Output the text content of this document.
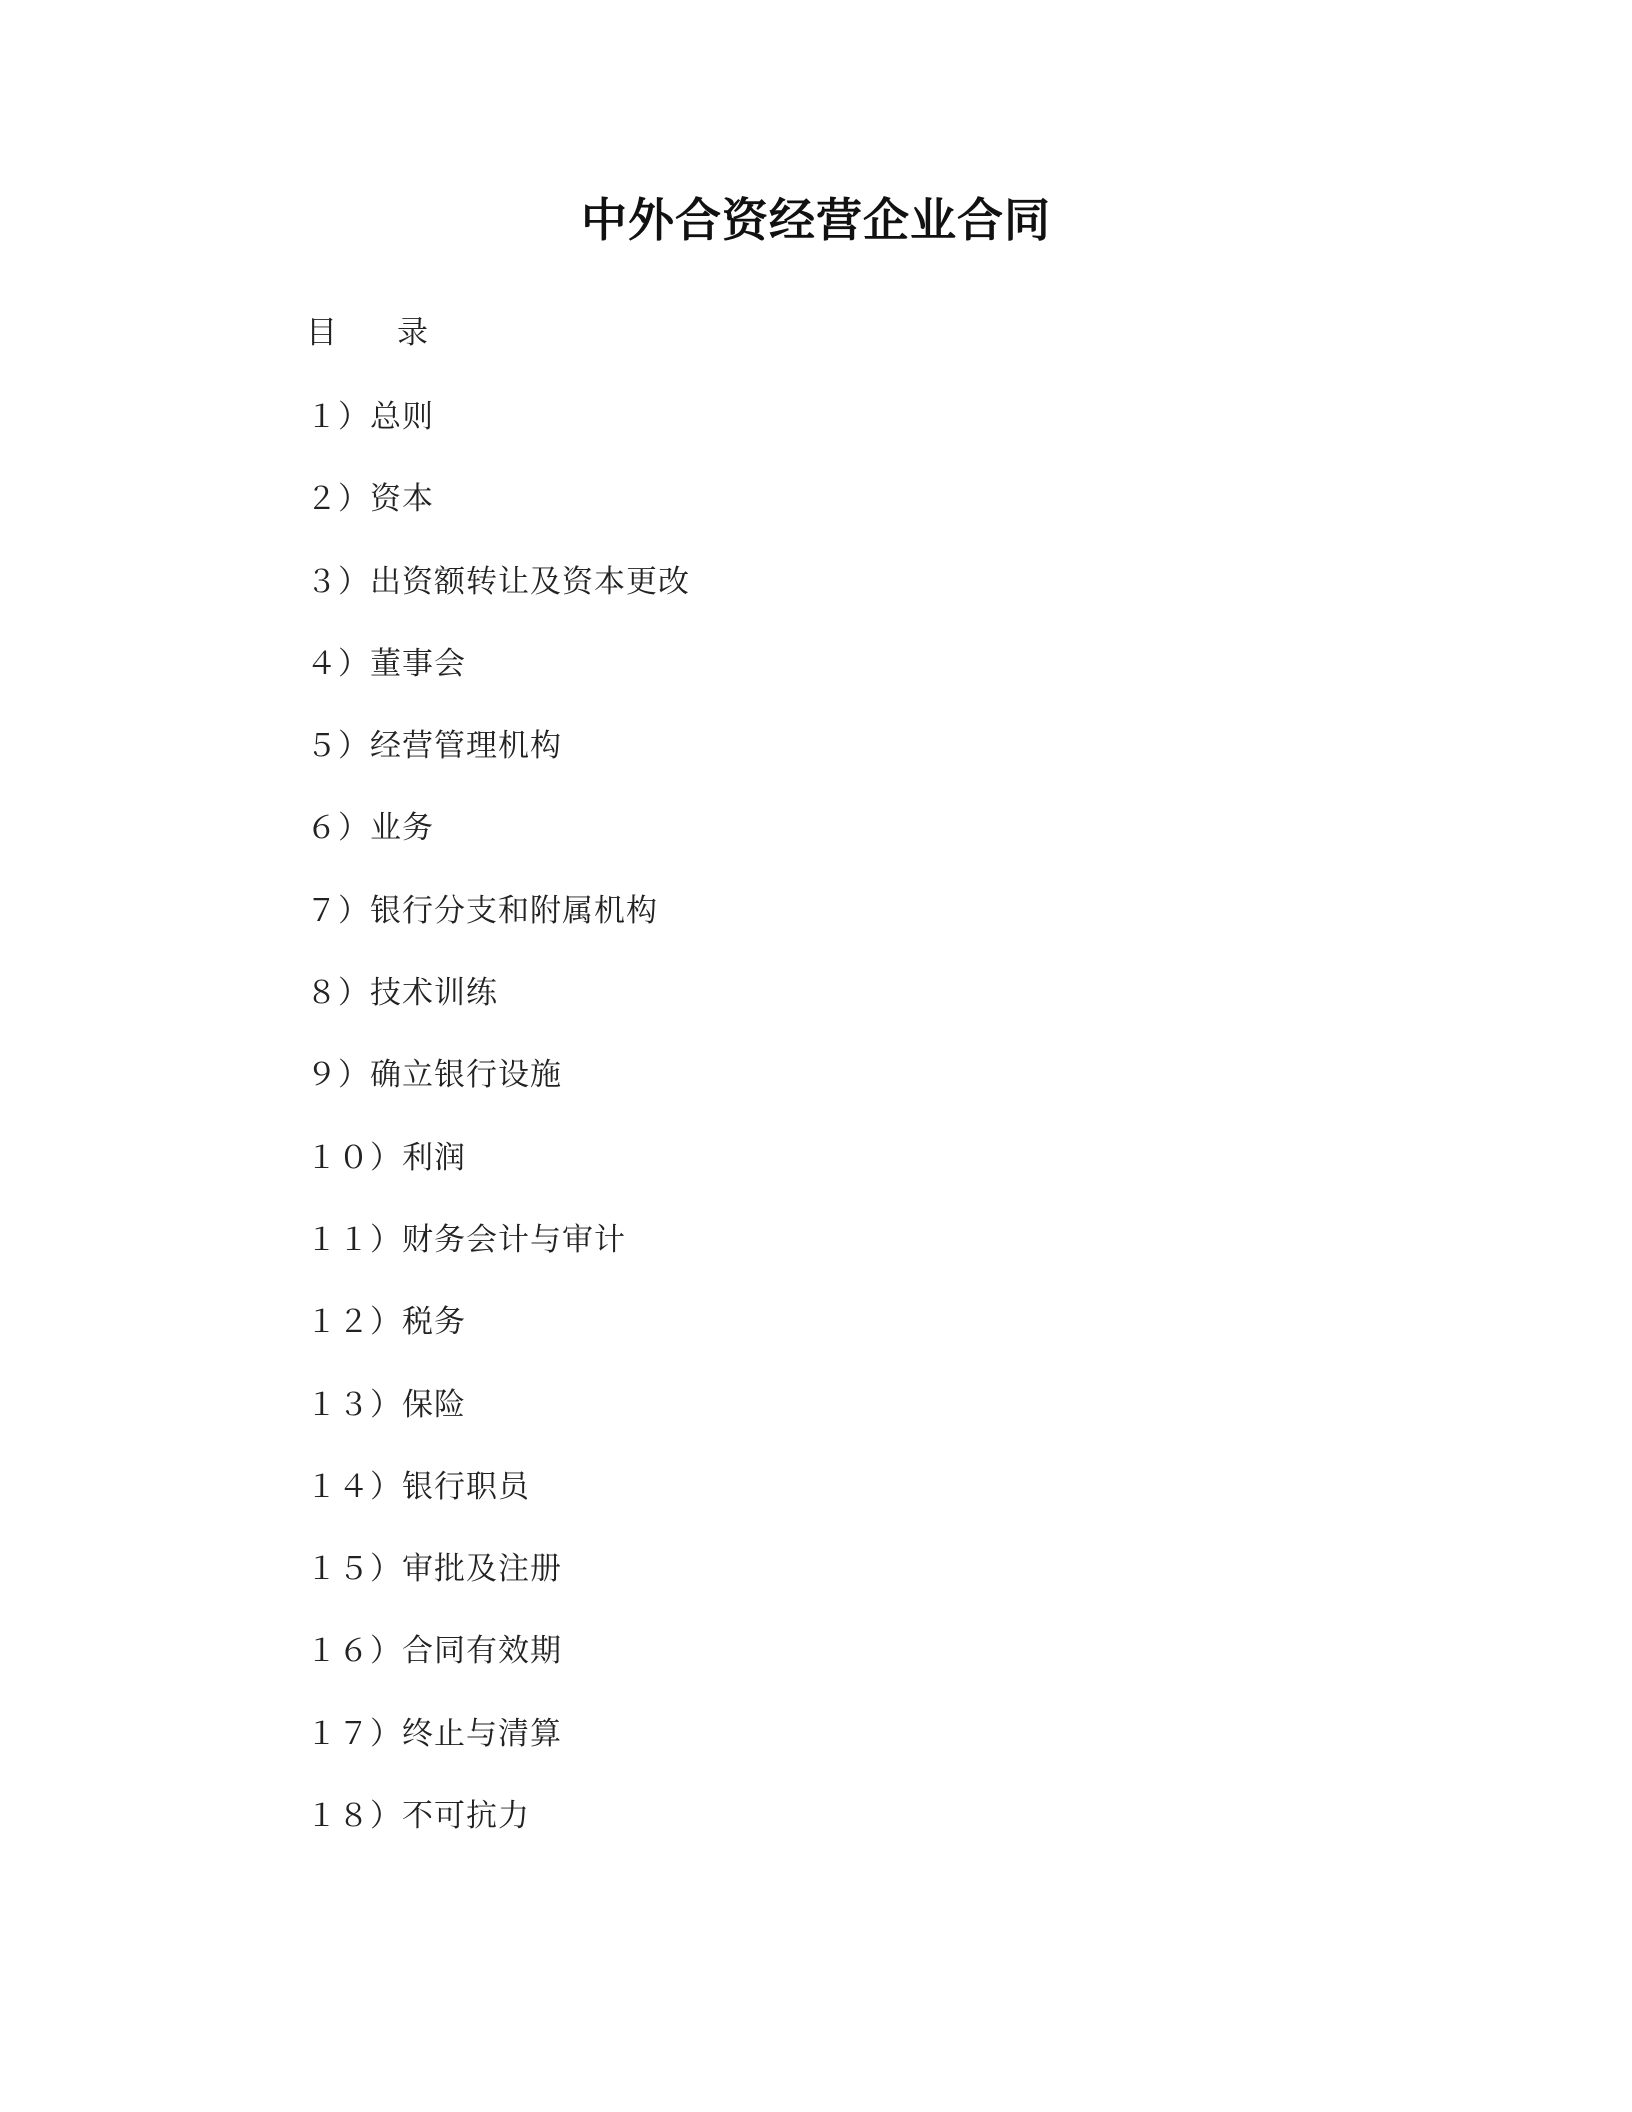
中外合资经营企业合同
目录
１）总则
２）资本
３）出资额转让及资本更改
４）董事会
５）经营管理机构
６）业务
７）银行分支和附属机构
８）技术训练
９）确立银行设施
１０）利润
１１）财务会计与审计
１２）税务
１３）保险
１４）银行职员
１５）审批及注册
１６）合同有效期
１７）终止与清算
１８）不可抗力
